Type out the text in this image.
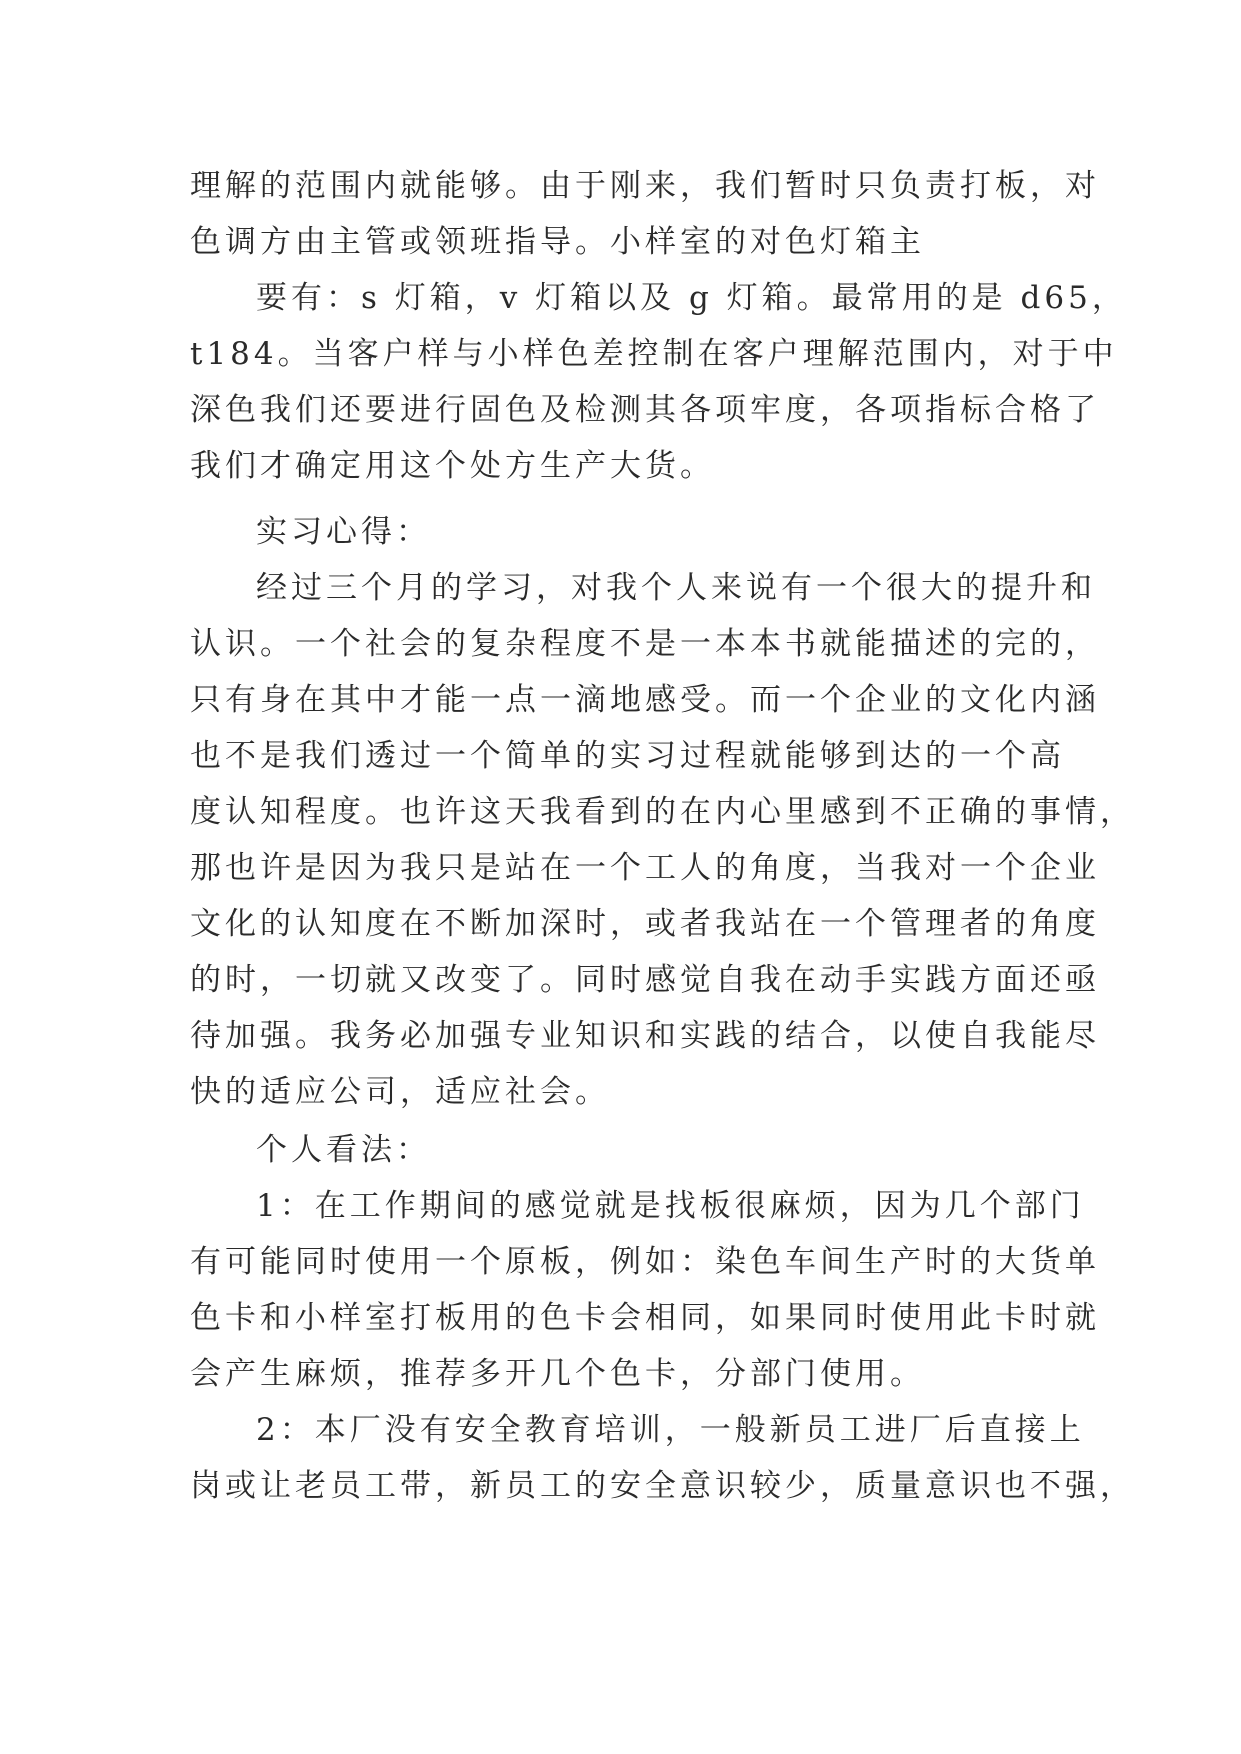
理解的范围内就能够。由于刚来，我们暂时只负责打板，对
色调方由主管或领班指导。小样室的对色灯箱主
要有：s 灯箱，v 灯箱以及 g 灯箱。最常用的是 d65，
t184。当客户样与小样色差控制在客户理解范围内，对于中
深色我们还要进行固色及检测其各项牢度，各项指标合格了
我们才确定用这个处方生产大货。
实习心得：
经过三个月的学习，对我个人来说有一个很大的提升和
认识。一个社会的复杂程度不是一本本书就能描述的完的，
只有身在其中才能一点一滴地感受。而一个企业的文化内涵
也不是我们透过一个简单的实习过程就能够到达的一个高
度认知程度。也许这天我看到的在内心里感到不正确的事情，
那也许是因为我只是站在一个工人的角度，当我对一个企业
文化的认知度在不断加深时，或者我站在一个管理者的角度
的时，一切就又改变了。同时感觉自我在动手实践方面还亟
待加强。我务必加强专业知识和实践的结合，以使自我能尽
快的适应公司，适应社会。
个人看法：
1：在工作期间的感觉就是找板很麻烦，因为几个部门
有可能同时使用一个原板，例如：染色车间生产时的大货单
色卡和小样室打板用的色卡会相同，如果同时使用此卡时就
会产生麻烦，推荐多开几个色卡，分部门使用。
2：本厂没有安全教育培训，一般新员工进厂后直接上
岗或让老员工带，新员工的安全意识较少，质量意识也不强，
